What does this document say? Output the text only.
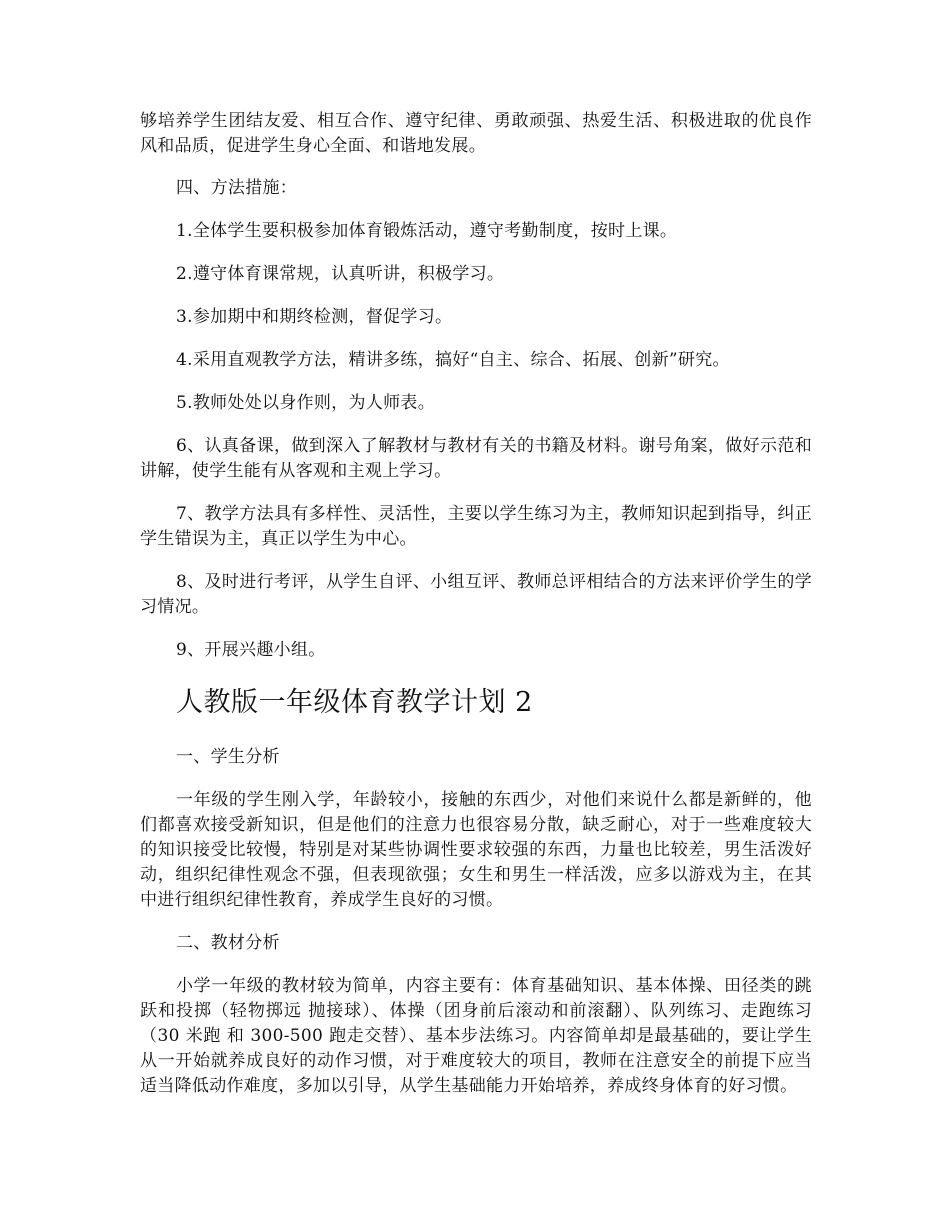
够培养学生团结友爱、相互合作、遵守纪律、勇敢顽强、热爱生活、积极进取的优良作风和品质，促进学生身心全面、和谐地发展。

四、方法措施：

1.全体学生要积极参加体育锻炼活动，遵守考勤制度，按时上课。

2.遵守体育课常规，认真听讲，积极学习。

3.参加期中和期终检测，督促学习。

4.采用直观教学方法，精讲多练，搞好“自主、综合、拓展、创新”研究。

5.教师处处以身作则，为人师表。

6、认真备课，做到深入了解教材与教材有关的书籍及材料。谢号角案，做好示范和讲解，使学生能有从客观和主观上学习。

7、教学方法具有多样性、灵活性，主要以学生练习为主，教师知识起到指导，纠正学生错误为主，真正以学生为中心。

8、及时进行考评，从学生自评、小组互评、教师总评相结合的方法来评价学生的学习情况。

9、开展兴趣小组。

人教版一年级体育教学计划 2

一、学生分析

一年级的学生刚入学，年龄较小，接触的东西少，对他们来说什么都是新鲜的，他们都喜欢接受新知识，但是他们的注意力也很容易分散，缺乏耐心，对于一些难度较大的知识接受比较慢，特别是对某些协调性要求较强的东西，力量也比较差，男生活泼好动，组织纪律性观念不强，但表现欲强；女生和男生一样活泼，应多以游戏为主，在其中进行组织纪律性教育，养成学生良好的习惯。

二、教材分析

小学一年级的教材较为简单，内容主要有：体育基础知识、基本体操、田径类的跳跃和投掷（轻物掷远 抛接球）、体操（团身前后滚动和前滚翻）、队列练习、走跑练习（30 米跑 和 300-500 跑走交替）、基本步法练习。内容简单却是最基础的，要让学生从一开始就养成良好的动作习惯，对于难度较大的项目，教师在注意安全的前提下应当适当降低动作难度，多加以引导，从学生基础能力开始培养，养成终身体育的好习惯。
